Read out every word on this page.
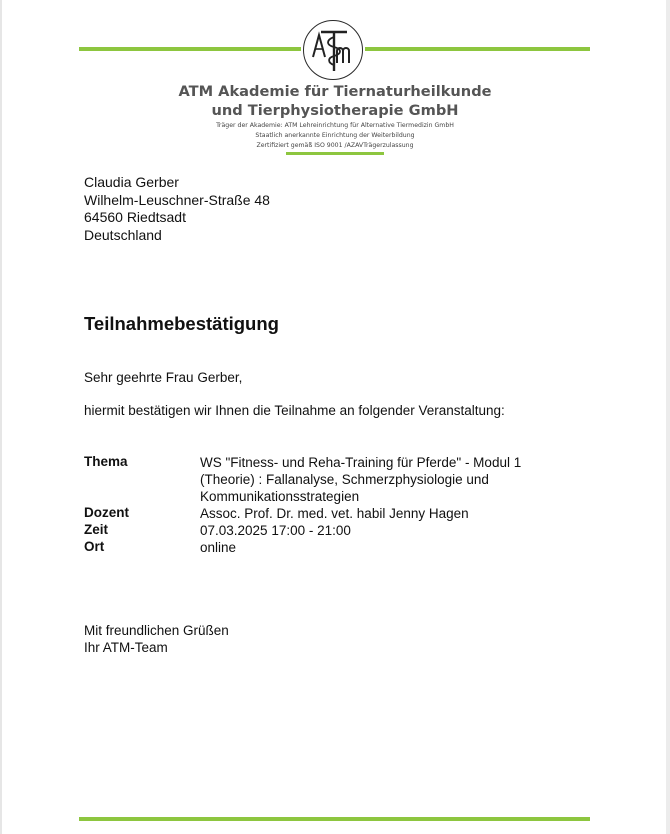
ATM Akademie für Tiernaturheilkunde
und Tierphysiotherapie GmbH
Träger der Akademie: ATM Lehreinrichtung für Alternative Tiermedizin GmbH
Staatlich anerkannte Einrichtung der Weiterbildung
Zertifiziert gemäß ISO 9001 /AZAVTrägerzulassung
Claudia Gerber
Wilhelm-Leuschner-Straße 48
64560 Riedtsadt
Deutschland
Teilnahmebestätigung
Sehr geehrte Frau Gerber,
hiermit bestätigen wir Ihnen die Teilnahme an folgender Veranstaltung:
Thema	WS "Fitness- und Reha-Training für Pferde" - Modul 1
(Theorie) : Fallanalyse, Schmerzphysiologie und
Kommunikationsstrategien
Dozent	Assoc. Prof. Dr. med. vet. habil Jenny Hagen
Zeit	07.03.2025 17:00 - 21:00
Ort	online
Mit freundlichen Grüßen
Ihr ATM-Team
